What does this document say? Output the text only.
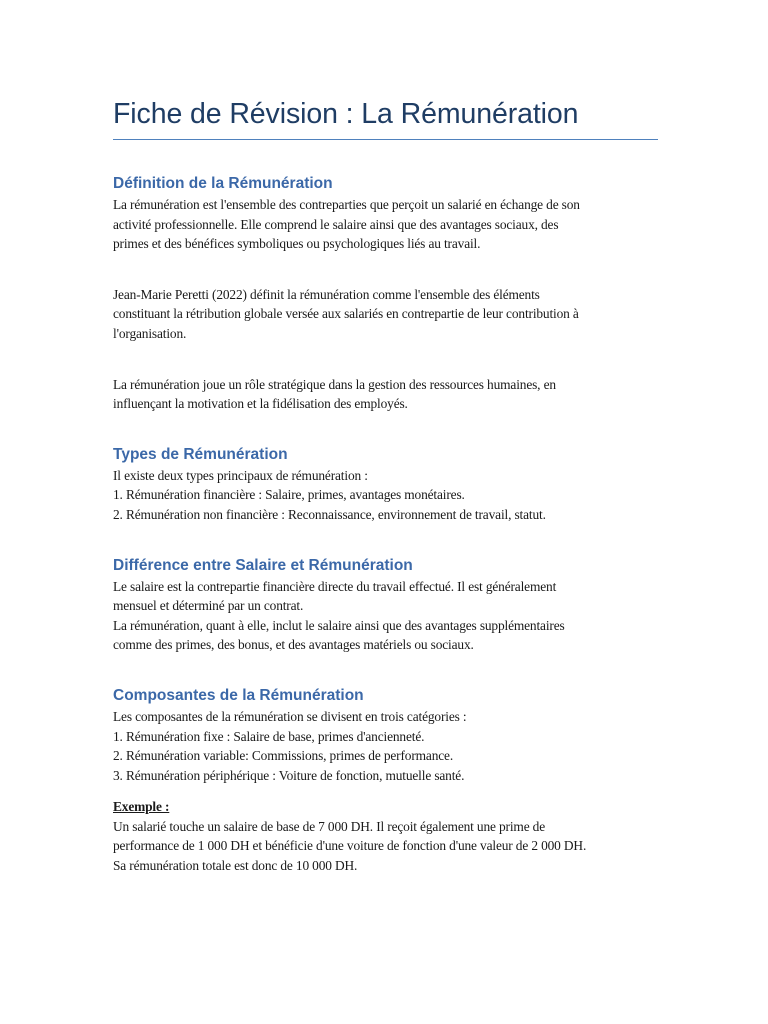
Fiche de Révision : La Rémunération
Définition de la Rémunération

La rémunération est l'ensemble des contreparties que perçoit un salarié en échange de son
activité professionnelle. Elle comprend le salaire ainsi que des avantages sociaux, des
primes et des bénéfices symboliques ou psychologiques liés au travail.

Jean-Marie Peretti (2022) définit la rémunération comme l'ensemble des éléments
constituant la rétribution globale versée aux salariés en contrepartie de leur contribution à
l'organisation.

La rémunération joue un rôle stratégique dans la gestion des ressources humaines, en
influençant la motivation et la fidélisation des employés.

Types de Rémunération

Il existe deux types principaux de rémunération :
1. Rémunération financière : Salaire, primes, avantages monétaires.
2. Rémunération non financière : Reconnaissance, environnement de travail, statut.

Différence entre Salaire et Rémunération

Le salaire est la contrepartie financière directe du travail effectué. Il est généralement
mensuel et déterminé par un contrat.
La rémunération, quant à elle, inclut le salaire ainsi que des avantages supplémentaires
comme des primes, des bonus, et des avantages matériels ou sociaux.

Composantes de la Rémunération

Les composantes de la rémunération se divisent en trois catégories :
1. Rémunération fixe : Salaire de base, primes d'ancienneté.
2. Rémunération variable: Commissions, primes de performance.
3. Rémunération périphérique : Voiture de fonction, mutuelle santé.

Exemple :
Un salarié touche un salaire de base de 7 000 DH. Il reçoit également une prime de
performance de 1 000 DH et bénéficie d'une voiture de fonction d'une valeur de 2 000 DH.
Sa rémunération totale est donc de 10 000 DH.
